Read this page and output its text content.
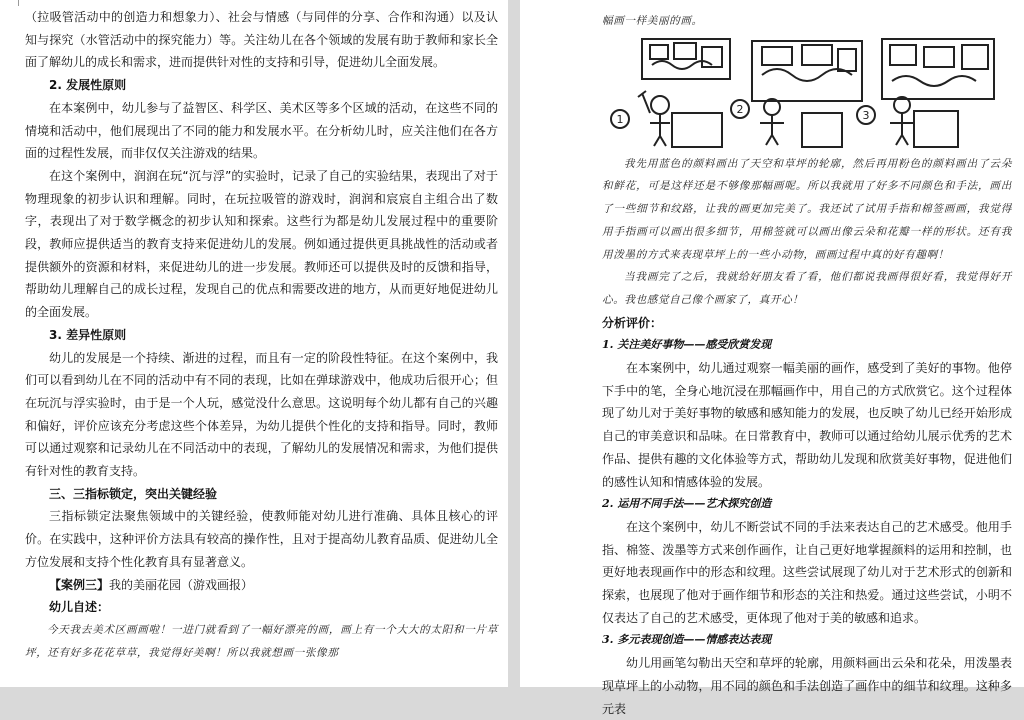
（拉吸管活动中的创造力和想象力）、社会与情感（与同伴的分享、合作和沟通）以及认知与探究（水管活动中的探究能力）等。关注幼儿在各个领域的发展有助于教师和家长全面了解幼儿的成长和需求，进而提供针对性的支持和引导，促进幼儿全面发展。

2. 发展性原则

在本案例中，幼儿参与了益智区、科学区、美术区等多个区域的活动，在这些不同的情境和活动中，他们展现出了不同的能力和发展水平。在分析幼儿时，应关注他们在各方面的过程性发展，而非仅仅关注游戏的结果。

在这个案例中，润润在玩“沉与浮”的实验时，记录了自己的实验结果，表现出了对于物理现象的初步认识和理解。同时，在玩拉吸管的游戏时，润润和宸宸自主组合出了数字，表现出了对于数学概念的初步认知和探索。这些行为都是幼儿发展过程中的重要阶段，教师应提供适当的教育支持来促进幼儿的发展。例如通过提供更具挑战性的活动或者提供额外的资源和材料，来促进幼儿的进一步发展。教师还可以提供及时的反馈和指导，帮助幼儿理解自己的成长过程，发现自己的优点和需要改进的地方，从而更好地促进幼儿的全面发展。

3. 差异性原则

幼儿的发展是一个持续、渐进的过程，而且有一定的阶段性特征。在这个案例中，我们可以看到幼儿在不同的活动中有不同的表现，比如在弹球游戏中，他成功后很开心；但在玩沉与浮实验时，由于是一个人玩，感觉没什么意思。这说明每个幼儿都有自己的兴趣和偏好，评价应该充分考虑这些个体差异，为幼儿提供个性化的支持和指导。同时，教师可以通过观察和记录幼儿在不同活动中的表现，了解幼儿的发展情况和需求，为他们提供有针对性的教育支持。

三、三指标锁定，突出关键经验

三指标锁定法聚焦领域中的关键经验，使教师能对幼儿进行准确、具体且核心的评价。在实践中，这种评价方法具有较高的操作性，且对于提高幼儿教育品质、促进幼儿全方位发展和支持个性化教育具有显著意义。

【案例三】我的美丽花园（游戏画报）

幼儿自述：

今天我去美术区画画啦！一进门就看到了一幅好漂亮的画，画上有一个大大的太阳和一片草坪，还有好多花花草草，我觉得好美啊！所以我就想画一张像那

幅画一样美丽的画。

1
2	3

我先用蓝色的颜料画出了天空和草坪的轮廓，然后再用粉色的颜料画出了云朵和鲜花，可是这样还是不够像那幅画呢。所以我就用了好多不同颜色和手法，画出了一些细节和纹路，让我的画更加完美了。我还试了试用手指和棉签画画，我觉得用手指画可以画出很多细节，用棉签就可以画出像云朵和花瓣一样的形状。还有我用泼墨的方式来表现草坪上的一些小动物，画画过程中真的好有趣啊！

当我画完了之后，我就给好朋友看了看，他们都说我画得很好看，我觉得好开心。我也感觉自己像个画家了，真开心！

分析评价：

1. 关注美好事物——感受欣赏发现

在本案例中，幼儿通过观察一幅美丽的画作，感受到了美好的事物。他停下手中的笔，全身心地沉浸在那幅画作中，用自己的方式欣赏它。这个过程体现了幼儿对于美好事物的敏感和感知能力的发展，也反映了幼儿已经开始形成自己的审美意识和品味。在日常教育中，教师可以通过给幼儿展示优秀的艺术作品、提供有趣的文化体验等方式，帮助幼儿发现和欣赏美好事物，促进他们的感性认知和情感体验的发展。

2. 运用不同手法——艺术探究创造

在这个案例中，幼儿不断尝试不同的手法来表达自己的艺术感受。他用手指、棉签、泼墨等方式来创作画作，让自己更好地掌握颜料的运用和控制，也更好地表现画作中的形态和纹理。这些尝试展现了幼儿对于艺术形式的创新和探索，也展现了他对于画作细节和形态的关注和热爱。通过这些尝试，小明不仅表达了自己的艺术感受，更体现了他对于美的敏感和追求。

3. 多元表现创造——情感表达表现

幼儿用画笔勾勒出天空和草坪的轮廓，用颜料画出云朵和花朵，用泼墨表现草坪上的小动物，用不同的颜色和手法创造了画作中的细节和纹理。这种多元表
